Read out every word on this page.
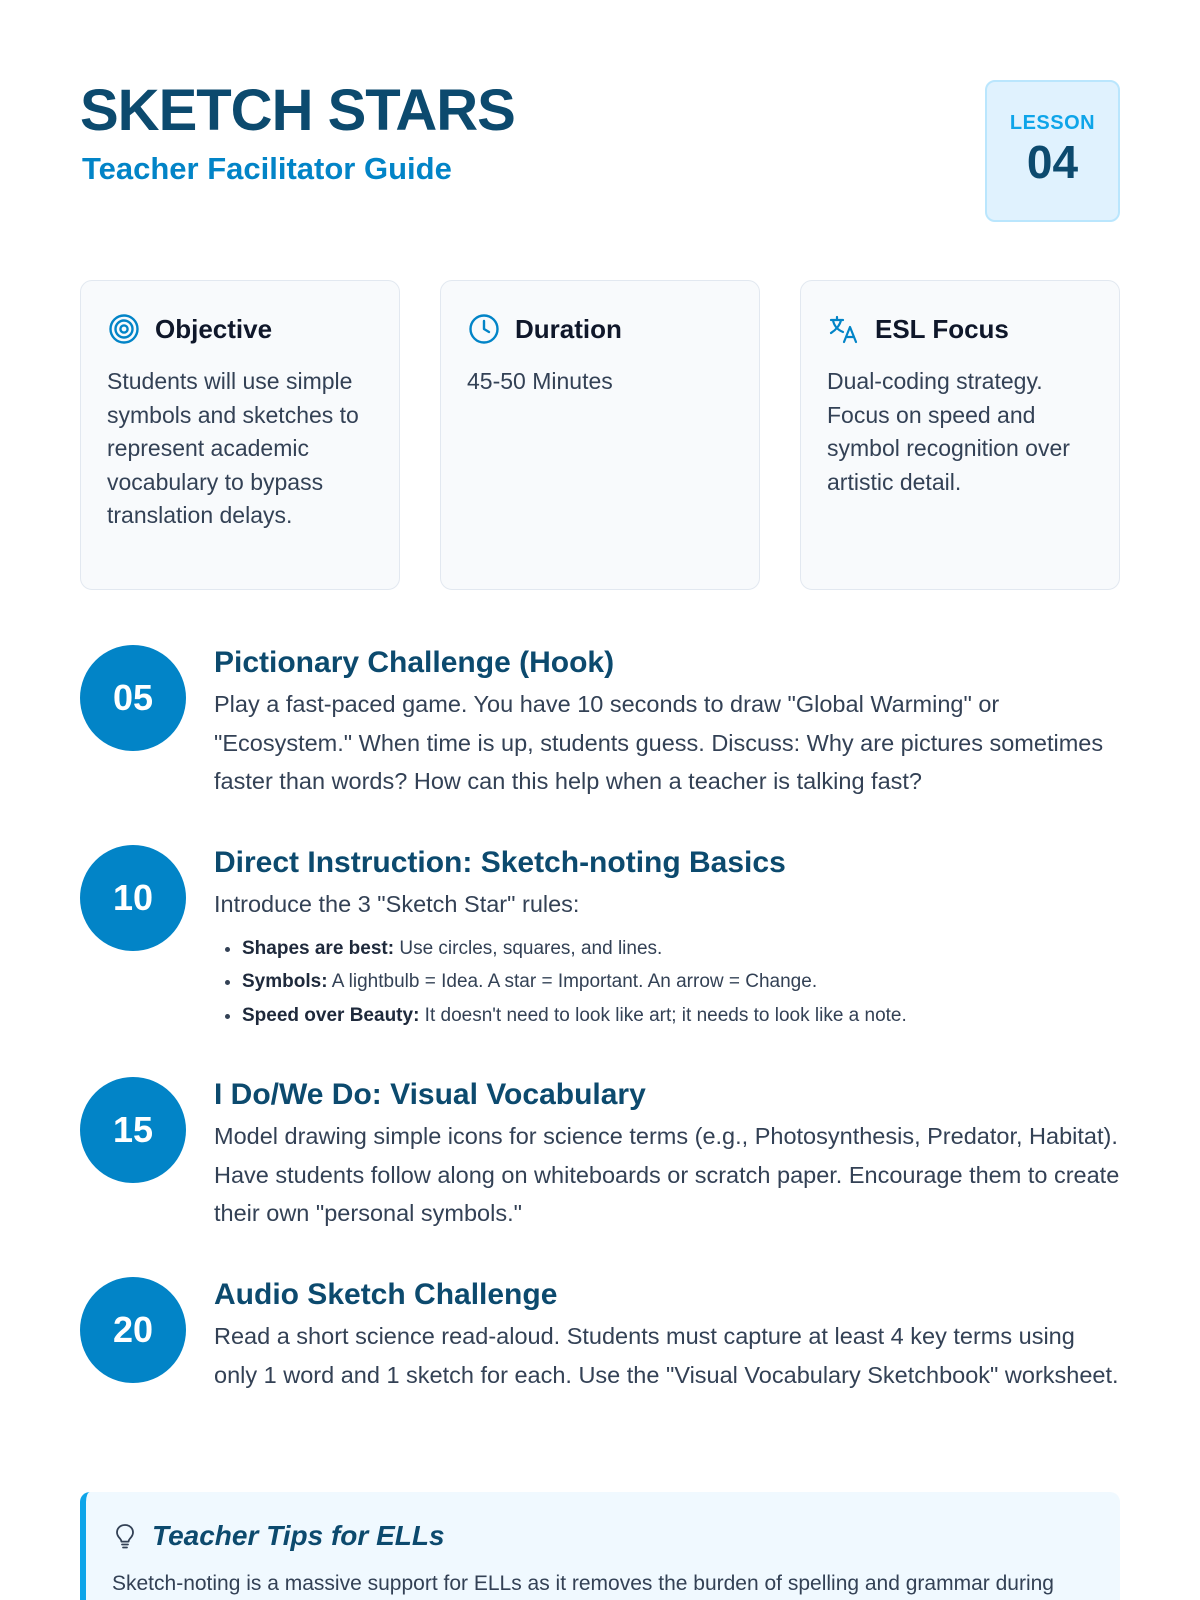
SKETCH STARS
Teacher Facilitator Guide
LESSON
04
Objective
Students will use simple symbols and sketches to represent academic vocabulary to bypass translation delays.
Duration
45-50 Minutes
ESL Focus
Dual-coding strategy. Focus on speed and symbol recognition over artistic detail.
05
Pictionary Challenge (Hook)

Play a fast-paced game. You have 10 seconds to draw "Global Warming" or "Ecosystem." When time is up, students guess. Discuss: Why are pictures sometimes faster than words? How can this help when a teacher is talking fast?

10
Direct Instruction: Sketch-noting Basics

Introduce the 3 "Sketch Star" rules:

• Shapes are best: Use circles, squares, and lines.
• Symbols: A lightbulb = Idea. A star = Important. An arrow = Change.
• Speed over Beauty: It doesn't need to look like art; it needs to look like a note.
15
I Do/We Do: Visual Vocabulary

Model drawing simple icons for science terms (e.g., Photosynthesis, Predator, Habitat). Have students follow along on whiteboards or scratch paper. Encourage them to create their own "personal symbols."

20
Audio Sketch Challenge

Read a short science read-aloud. Students must capture at least 4 key terms using only 1 word and 1 sketch for each. Use the "Visual Vocabulary Sketchbook" worksheet.

Teacher Tips for ELLs
Sketch-noting is a massive support for ELLs as it removes the burden of spelling and grammar during
